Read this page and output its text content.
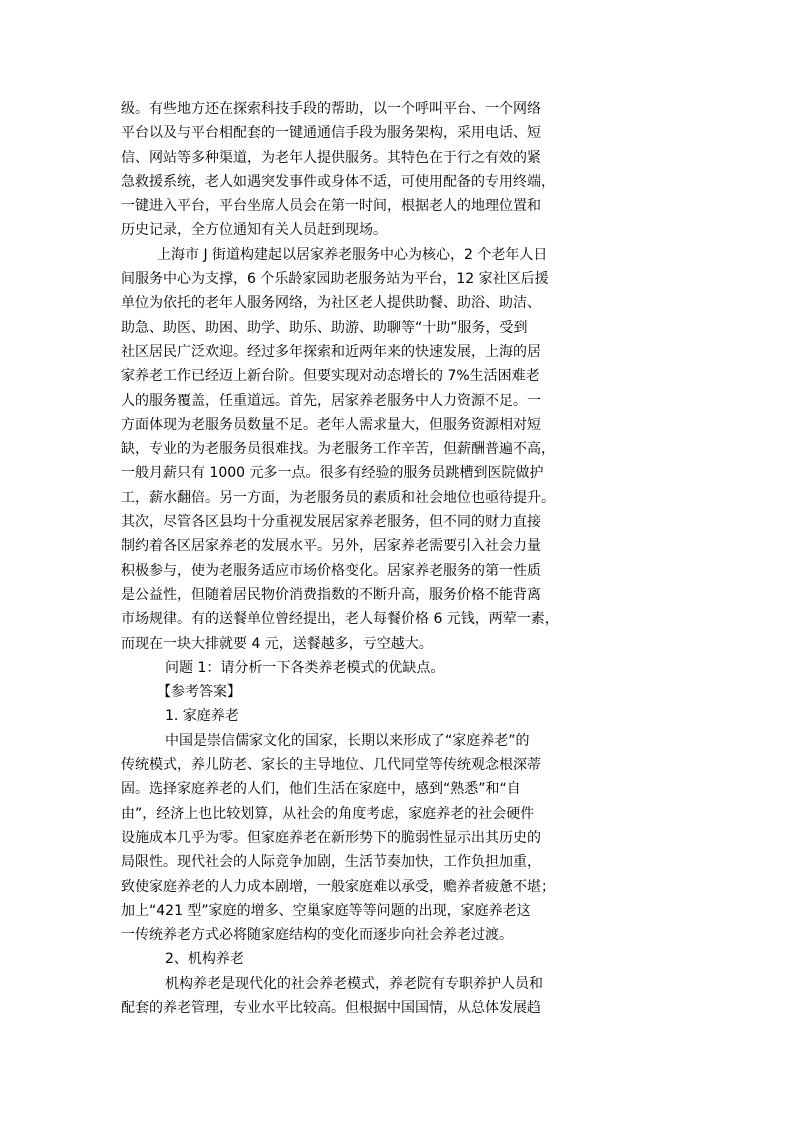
级。有些地方还在探索科技手段的帮助，以一个呼叫平台、一个网络
平台以及与平台相配套的一键通通信手段为服务架构，采用电话、短
信、网站等多种渠道，为老年人提供服务。其特色在于行之有效的紧
急救援系统，老人如遇突发事件或身体不适，可使用配备的专用终端，
一键进入平台，平台坐席人员会在第一时间，根据老人的地理位置和
历史记录，全方位通知有关人员赶到现场。
上海市 J 街道构建起以居家养老服务中心为核心，2 个老年人日
间服务中心为支撑，6 个乐龄家园助老服务站为平台，12 家社区后援
单位为依托的老年人服务网络，为社区老人提供助餐、助浴、助洁、
助急、助医、助困、助学、助乐、助游、助聊等“十助”服务，受到
社区居民广泛欢迎。经过多年探索和近两年来的快速发展，上海的居
家养老工作已经迈上新台阶。但要实现对动态增长的 7%生活困难老
人的服务覆盖，任重道远。首先，居家养老服务中人力资源不足。一
方面体现为老服务员数量不足。老年人需求量大，但服务资源相对短
缺，专业的为老服务员很难找。为老服务工作辛苦，但薪酬普遍不高，
一般月薪只有 1000 元多一点。很多有经验的服务员跳槽到医院做护
工，薪水翻倍。另一方面，为老服务员的素质和社会地位也亟待提升。
其次，尽管各区县均十分重视发展居家养老服务，但不同的财力直接
制约着各区居家养老的发展水平。另外，居家养老需要引入社会力量
积极参与，使为老服务适应市场价格变化。居家养老服务的第一性质
是公益性，但随着居民物价消费指数的不断升高，服务价格不能背离
市场规律。有的送餐单位曾经提出，老人每餐价格 6 元钱，两荤一素，
而现在一块大排就要 4 元，送餐越多，亏空越大。
问题 1：请分析一下各类养老模式的优缺点。
【参考答案】
1. 家庭养老
中国是崇信儒家文化的国家，长期以来形成了“家庭养老”的
传统模式，养儿防老、家长的主导地位、几代同堂等传统观念根深蒂
固。选择家庭养老的人们，他们生活在家庭中，感到“熟悉”和“自
由”，经济上也比较划算，从社会的角度考虑，家庭养老的社会硬件
设施成本几乎为零。但家庭养老在新形势下的脆弱性显示出其历史的
局限性。现代社会的人际竞争加剧，生活节奏加快，工作负担加重，
致使家庭养老的人力成本剧增，一般家庭难以承受，赡养者疲惫不堪；
加上“421 型”家庭的增多、空巢家庭等等问题的出现，家庭养老这
一传统养老方式必将随家庭结构的变化而逐步向社会养老过渡。
2、机构养老
机构养老是现代化的社会养老模式，养老院有专职养护人员和
配套的养老管理，专业水平比较高。但根据中国国情，从总体发展趋
